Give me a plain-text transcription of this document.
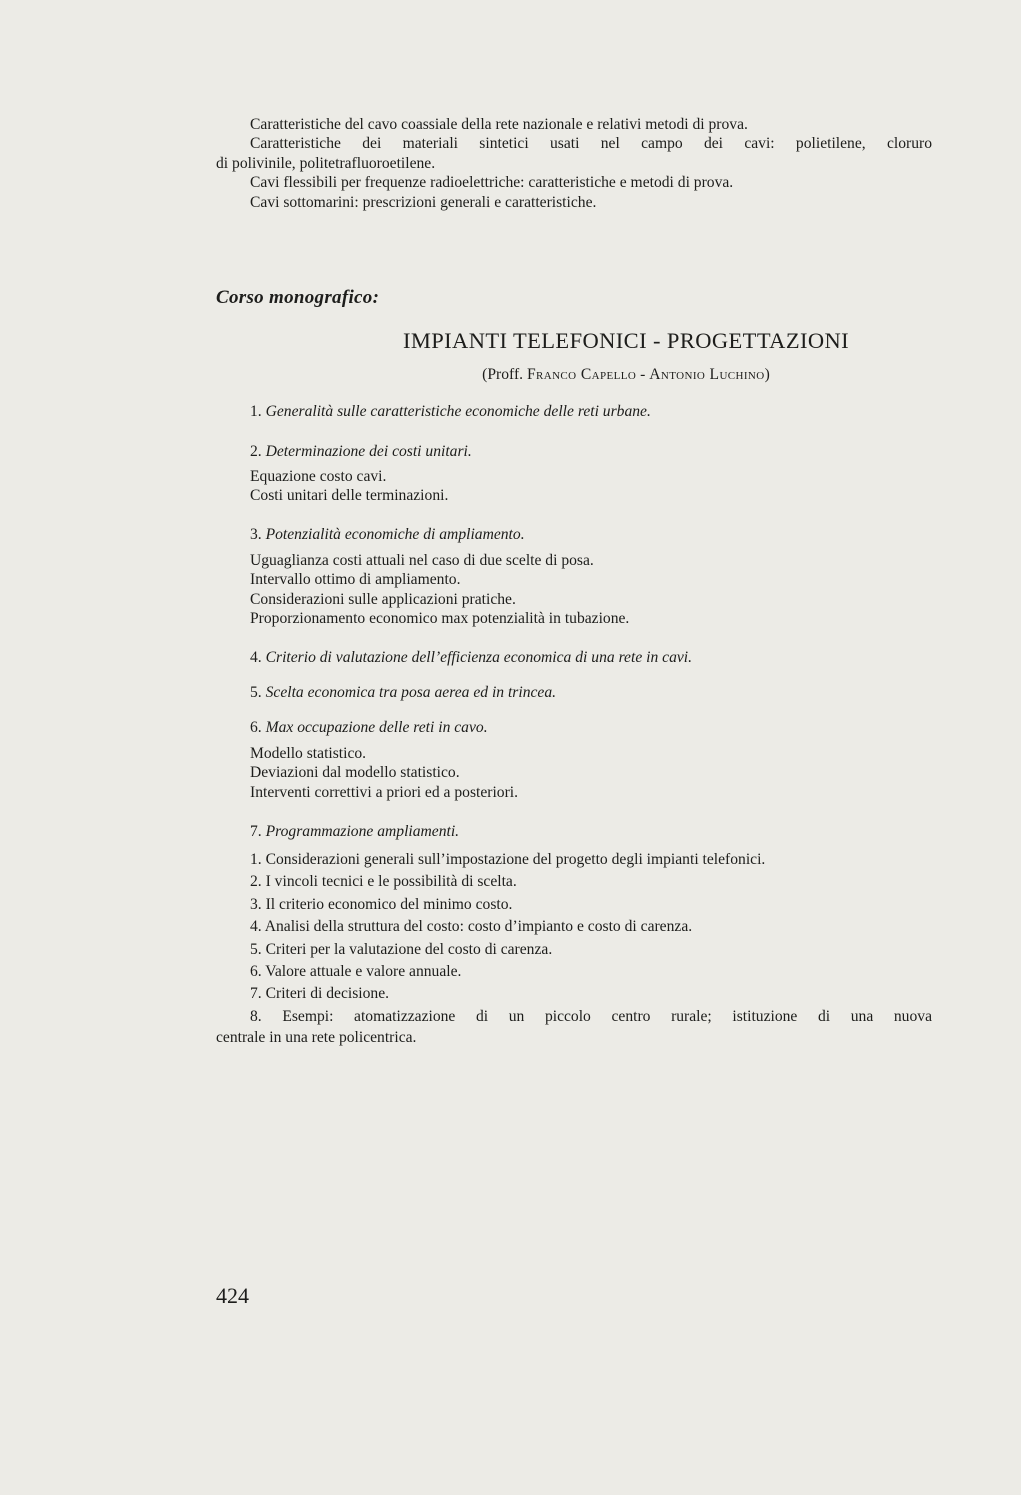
Caratteristiche del cavo coassiale della rete nazionale e relativi metodi di prova.
Caratteristiche dei materiali sintetici usati nel campo dei cavi: polietilene, cloruro
di polivinile, politetrafluoroetilene.
Cavi flessibili per frequenze radioelettriche: caratteristiche e metodi di prova.
Cavi sottomarini: prescrizioni generali e caratteristiche.
Corso monografico:
IMPIANTI TELEFONICI - PROGETTAZIONI
(Proff. Franco Capello - Antonio Luchino)
1. Generalità sulle caratteristiche economiche delle reti urbane.
2. Determinazione dei costi unitari.
Equazione costo cavi.
Costi unitari delle terminazioni.
3. Potenzialità economiche di ampliamento.
Uguaglianza costi attuali nel caso di due scelte di posa.
Intervallo ottimo di ampliamento.
Considerazioni sulle applicazioni pratiche.
Proporzionamento economico max potenzialità in tubazione.
4. Criterio di valutazione dell’efficienza economica di una rete in cavi.
5. Scelta economica tra posa aerea ed in trincea.
6. Max occupazione delle reti in cavo.
Modello statistico.
Deviazioni dal modello statistico.
Interventi correttivi a priori ed a posteriori.
7. Programmazione ampliamenti.
1. Considerazioni generali sull’impostazione del progetto degli impianti telefonici.
2. I vincoli tecnici e le possibilità di scelta.
3. Il criterio economico del minimo costo.
4. Analisi della struttura del costo: costo d’impianto e costo di carenza.
5. Criteri per la valutazione del costo di carenza.
6. Valore attuale e valore annuale.
7. Criteri di decisione.
8. Esempi: atomatizzazione di un piccolo centro rurale; istituzione di una nuova
centrale in una rete policentrica.
424
